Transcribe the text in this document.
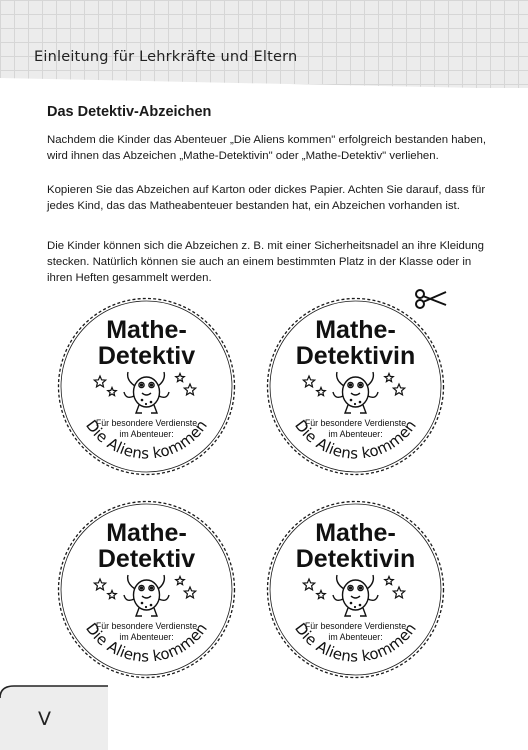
Einleitung für Lehrkräfte und Eltern
Das Detektiv-Abzeichen

Nachdem die Kinder das Abenteuer „Die Aliens kommen" erfolgreich bestanden haben, wird ihnen das Abzeichen „Mathe-Detektivin" oder „Mathe-Detektiv" verliehen.

Kopieren Sie das Abzeichen auf Karton oder dickes Papier. Achten Sie darauf, dass für jedes Kind, das das Matheabenteuer bestanden hat, ein Abzeichen vorhanden ist.

Die Kinder können sich die Abzeichen z. B. mit einer Sicherheitsnadel an ihre Kleidung stecken. Natürlich können sie auch an einem bestimmten Platz in der Klasse oder in ihren Heften gesammelt werden.

Mathe-
Detektiv
Für besondere Verdienste
im Abenteuer:
Die Aliens kommen
Mathe-
Detektivin
Für besondere Verdienste
im Abenteuer:
Die Aliens kommen
Mathe-
Detektiv
Für besondere Verdienste
im Abenteuer:
Die Aliens kommen
Mathe-
Detektivin
Für besondere Verdienste
im Abenteuer:
Die Aliens kommen
V
